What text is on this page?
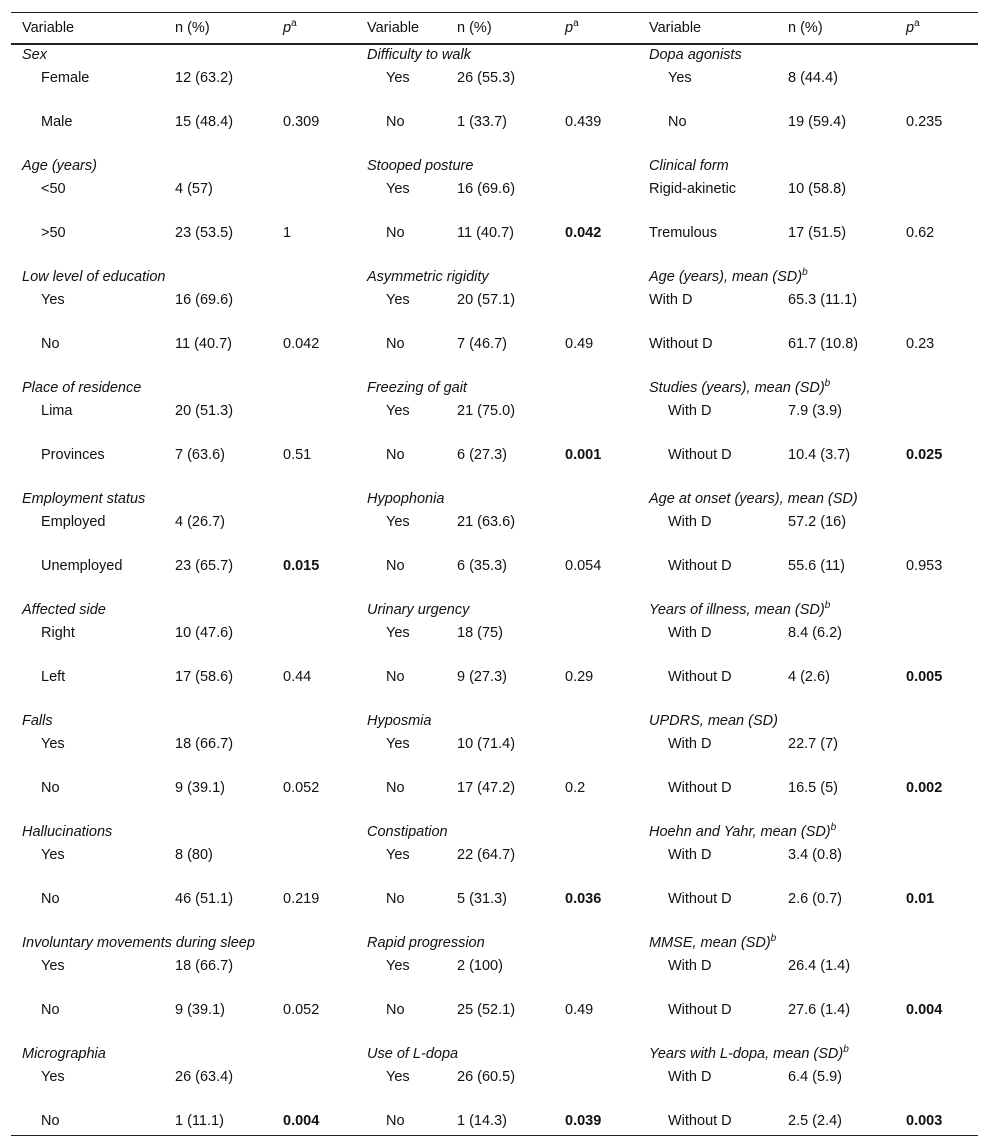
Variable	n (%)	$p^a$	Variable	n (%)	$p^a$	Variable	n (%)	$p^a$
Sex			Difficulty to walk			Dopa agonists		
Female	12 (63.2)		Yes	26 (55.3)		Yes	8 (44.4)	
Male	15 (48.4)	0.309	No	1 (33.7)	0.439	No	19 (59.4)	0.235
Age (years)			Stooped posture			Clinical form		
<50	4 (57)		Yes	16 (69.6)		Rigid-akinetic	10 (58.8)	
>50	23 (53.5)	1	No	11 (40.7)	0.042	Tremulous	17 (51.5)	0.62
Low level of education			Asymmetric rigidity			Age (years), mean (SD)$^b$
Yes	16 (69.6)		Yes	20 (57.1)		With D	65.3 (11.1)	
No	11 (40.7)	0.042	No	7 (46.7)	0.49	Without D	61.7 (10.8)	0.23
Place of residence			Freezing of gait			Studies (years), mean (SD)$^b$
Lima	20 (51.3)		Yes	21 (75.0)		With D	7.9 (3.9)	
Provinces	7 (63.6)	0.51	No	6 (27.3)	0.001	Without D	10.4 (3.7)	0.025
Employment status			Hypophonia			Age at onset (years), mean (SD)		
Employed	4 (26.7)		Yes	21 (63.6)		With D	57.2 (16)	
Unemployed	23 (65.7)	0.015	No	6 (35.3)	0.054	Without D	55.6 (11)	0.953
Affected side			Urinary urgency			Years of illness, mean (SD)$^b$
Right	10 (47.6)		Yes	18 (75)		With D	8.4 (6.2)	
Left	17 (58.6)	0.44	No	9 (27.3)	0.29	Without D	4 (2.6)	0.005
Falls			Hyposmia			UPDRS, mean (SD)		
Yes	18 (66.7)		Yes	10 (71.4)		With D	22.7 (7)	
No	9 (39.1)	0.052	No	17 (47.2)	0.2	Without D	16.5 (5)	0.002
Hallucinations			Constipation			Hoehn and Yahr, mean (SD)$^b$
Yes	8 (80)		Yes	22 (64.7)		With D	3.4 (0.8)	
No	46 (51.1)	0.219	No	5 (31.3)	0.036	Without D	2.6 (0.7)	0.01
Involuntary movements during sleep			Rapid progression			MMSE, mean (SD)$^b$
Yes	18 (66.7)		Yes	2 (100)		With D	26.4 (1.4)	
No	9 (39.1)	0.052	No	25 (52.1)	0.49	Without D	27.6 (1.4)	0.004
Micrographia			Use of L-dopa			Years with L-dopa, mean (SD)$^b$
Yes	26 (63.4)		Yes	26 (60.5)		With D	6.4 (5.9)	
No	1 (11.1)	0.004	No	1 (14.3)	0.039	Without D	2.5 (2.4)	0.003
